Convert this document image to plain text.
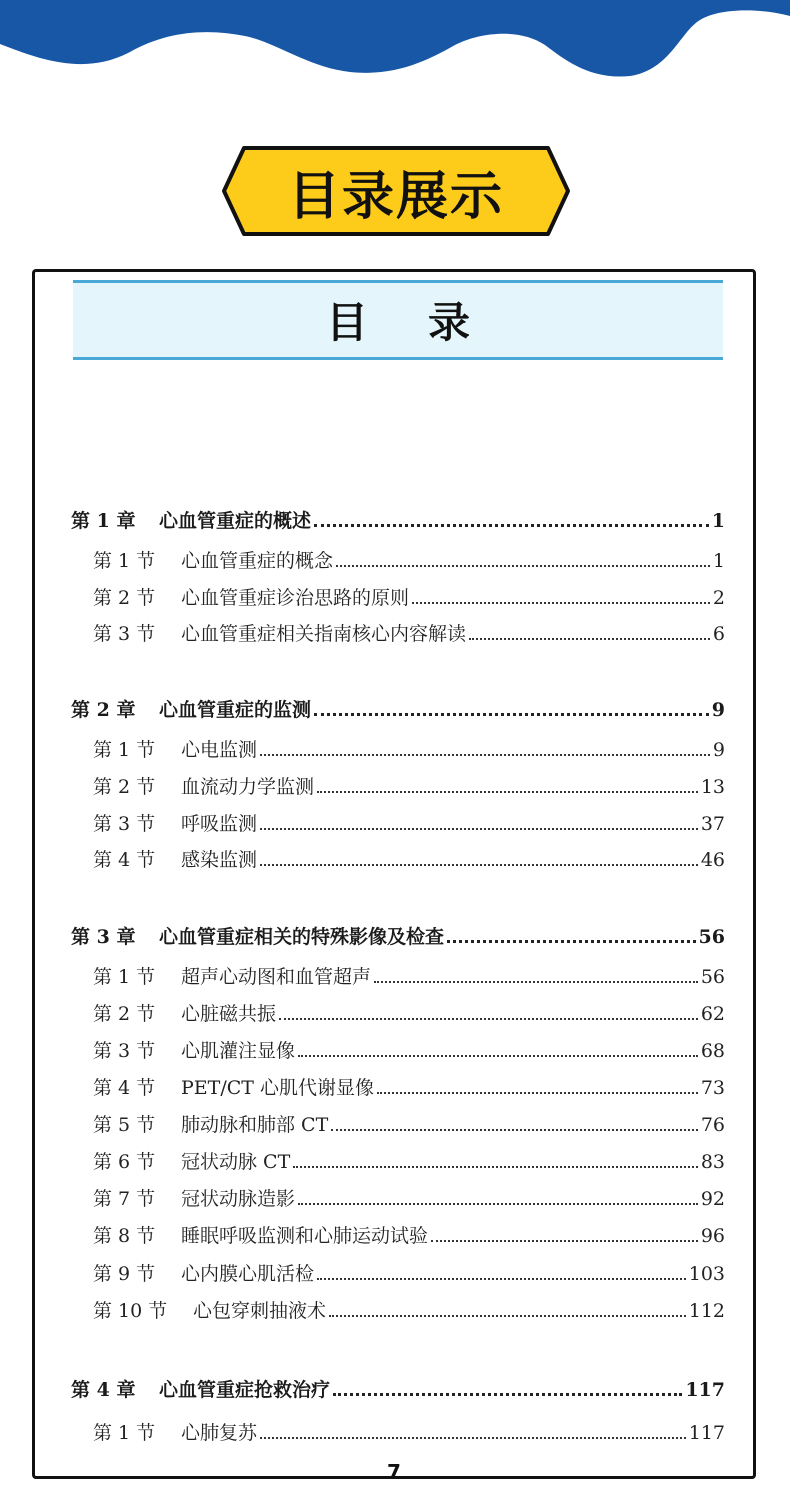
目录展示
目录
第 1 章	心血管重症的概述	1
第 1 节	心血管重症的概念	1
第 2 节	心血管重症诊治思路的原则	2
第 3 节	心血管重症相关指南核心内容解读	6
第 2 章	心血管重症的监测	9
第 1 节	心电监测	9
第 2 节	血流动力学监测	13
第 3 节	呼吸监测	37
第 4 节	感染监测	46
第 3 章	心血管重症相关的特殊影像及检查	56
第 1 节	超声心动图和血管超声	56
第 2 节	心脏磁共振	62
第 3 节	心肌灌注显像	68
第 4 节	PET/CT 心肌代谢显像	73
第 5 节	肺动脉和肺部 CT	76
第 6 节	冠状动脉 CT	83
第 7 节	冠状动脉造影	92
第 8 节	睡眠呼吸监测和心肺运动试验	96
第 9 节	心内膜心肌活检	103
第 10 节	心包穿刺抽液术	112
第 4 章	心血管重症抢救治疗	117
第 1 节	心肺复苏	117
7
